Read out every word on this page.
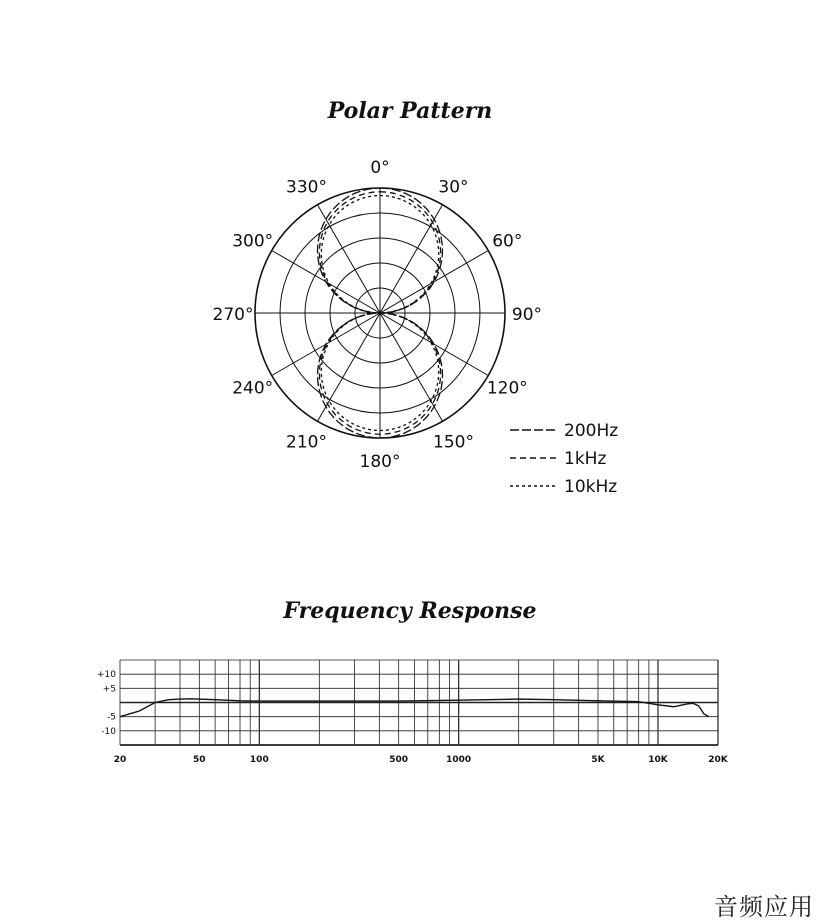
Polar Pattern
0°
30°
60°
90°
120°
150°
180°
210°
240°
270°
300°
330°
200Hz
1kHz
10kHz
Frequency Response
+10
+5
-5
-10
20	50	100	500	1000	5K	10K	20K
音频应用
